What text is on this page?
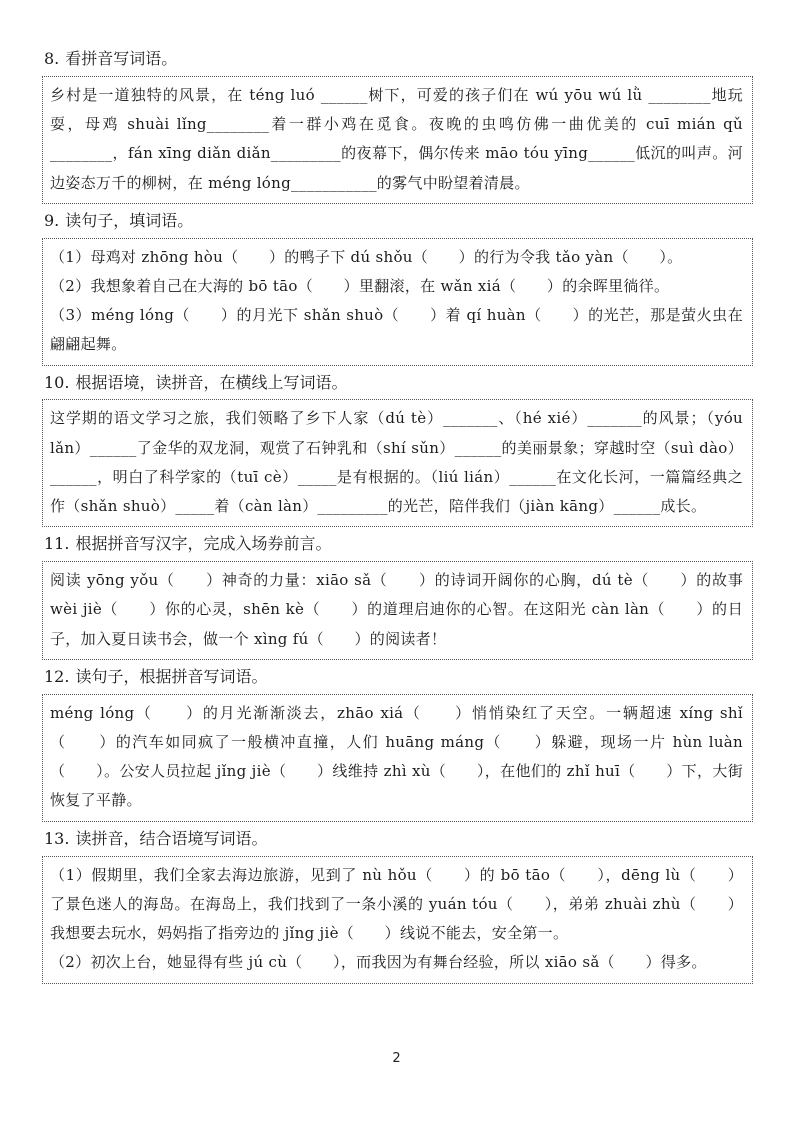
8. 看拼音写词语。

乡村是一道独特的风景，在 téng luó ______树下，可爱的孩子们在 wú yōu wú lǜ ________地玩耍，母鸡 shuài lǐng________着一群小鸡在觅食。夜晚的虫鸣仿佛一曲优美的 cuī mián qǔ ________，fán xīng diǎn diǎn_________的夜幕下，偶尔传来 māo tóu yīng______低沉的叫声。河边姿态万千的柳树，在 méng lóng___________的雾气中盼望着清晨。

9. 读句子，填词语。

（1）母鸡对 zhōng hòu（　　）的鸭子下 dú shǒu（　　）的行为令我 tǎo yàn（　　）。

（2）我想象着自己在大海的 bō tāo（　　）里翻滚，在 wǎn xiá（　　）的余晖里徜徉。

（3）méng lóng（　　）的月光下 shǎn shuò（　　）着 qí huàn（　　）的光芒，那是萤火虫在翩翩起舞。

10. 根据语境，读拼音，在横线上写词语。

这学期的语文学习之旅，我们领略了乡下人家（dú tè）_______、（hé xié）_______的风景；（yóu lǎn）______了金华的双龙洞，观赏了石钟乳和（shí sǔn）______的美丽景象；穿越时空（suì dào）______，明白了科学家的（tuī cè）_____是有根据的。（liú lián）______在文化长河，一篇篇经典之作（shǎn shuò）_____着（càn làn）_________的光芒，陪伴我们（jiàn kāng）______成长。

11. 根据拼音写汉字，完成入场券前言。

阅读 yōng yǒu（　　）神奇的力量：xiāo sǎ（　　）的诗词开阔你的心胸，dú tè（　　）的故事 wèi jiè（　　）你的心灵，shēn kè（　　）的道理启迪你的心智。在这阳光 càn làn（　　）的日子，加入夏日读书会，做一个 xìng fú（　　）的阅读者！

12. 读句子，根据拼音写词语。

méng lóng（　　）的月光渐渐淡去，zhāo xiá（　　）悄悄染红了天空。一辆超速 xíng shǐ（　　）的汽车如同疯了一般横冲直撞，人们 huāng máng（　　）躲避，现场一片 hùn luàn（　　）。公安人员拉起 jǐng jiè（　　）线维持 zhì xù（　　），在他们的 zhǐ huī（　　）下，大街恢复了平静。

13. 读拼音，结合语境写词语。

（1）假期里，我们全家去海边旅游，见到了 nù hǒu（　　）的 bō tāo（　　），dēng lù（　　）了景色迷人的海岛。在海岛上，我们找到了一条小溪的 yuán tóu（　　），弟弟 zhuài zhù（　　）我想要去玩水，妈妈指了指旁边的 jǐng jiè（　　）线说不能去，安全第一。

（2）初次上台，她显得有些 jú cù（　　），而我因为有舞台经验，所以 xiāo sǎ（　　）得多。

2
